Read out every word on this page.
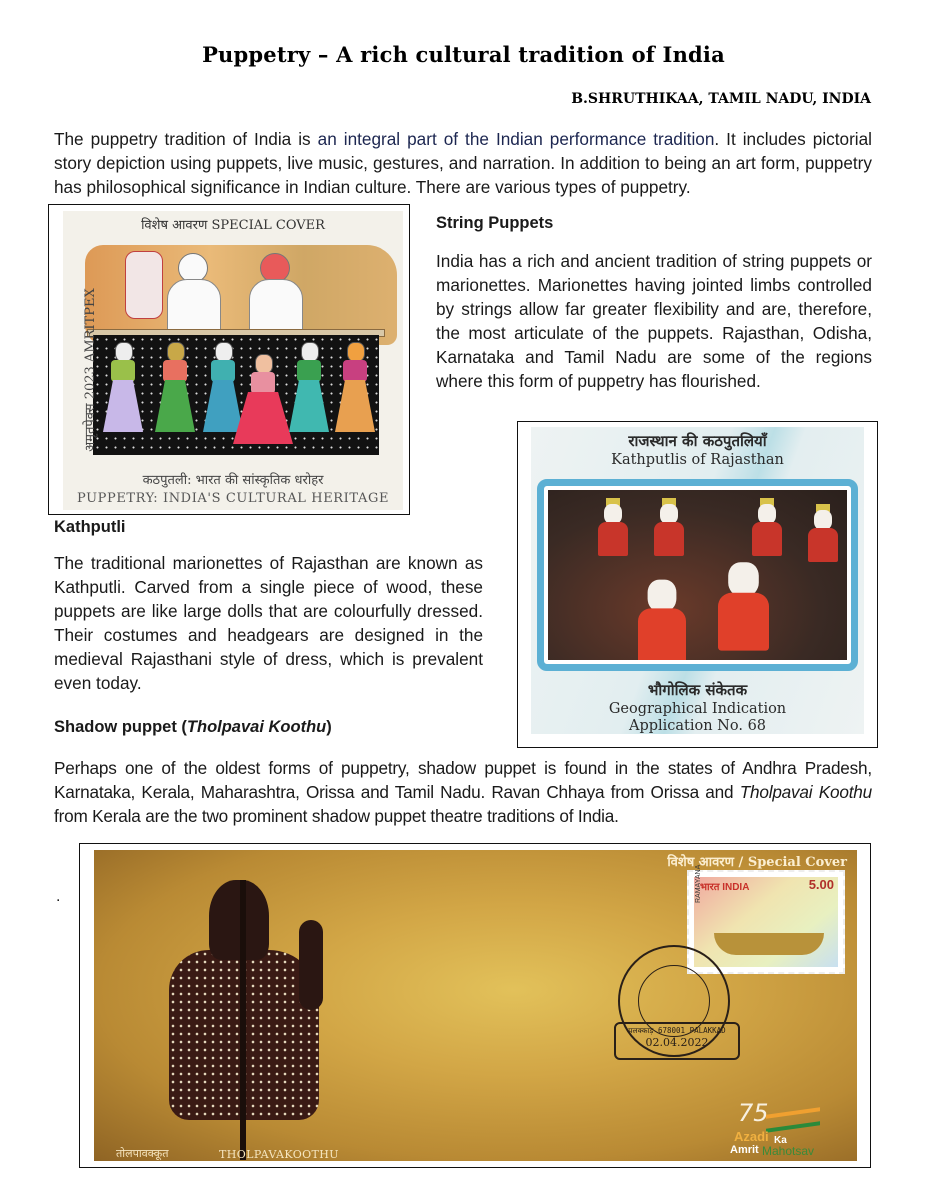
Puppetry – A rich cultural tradition of India
B.SHRUTHIKAA, TAMIL NADU, INDIA

The puppetry tradition of India is an integral part of the Indian performance tradition. It includes pictorial story depiction using puppets, live music, gestures, and narration. In addition to being an art form, puppetry has philosophical significance in Indian culture. There are various types of puppetry.

विशेष आवरण SPECIAL COVER
अमृतपेक्स 2023 AMRITPEX
कठपुतली: भारत की सांस्कृतिक धरोहर
PUPPETRY: INDIA'S CULTURAL HERITAGE

String Puppets

India has a rich and ancient tradition of string puppets or marionettes. Marionettes having jointed limbs controlled by strings allow far greater flexibility and are, therefore, the most articulate of the puppets. Rajasthan, Odisha, Karnataka and Tamil Nadu are some of the regions where this form of puppetry has flourished.

राजस्थान की कठपुतलियाँ
Kathputlis of Rajasthan
भौगोलिक संकेतक
Geographical Indication
Application No. 68

Kathputli

The traditional marionettes of Rajasthan are known as Kathputli. Carved from a single piece of wood, these puppets are like large dolls that are colourfully dressed. Their costumes and headgears are designed in the medieval Rajasthani style of dress, which is prevalent even today.

Shadow puppet (Tholpavai Koothu)

Perhaps one of the oldest forms of puppetry, shadow puppet is found in the states of Andhra Pradesh, Karnataka, Kerala, Maharashtra, Orissa and Tamil Nadu. Ravan Chhaya from Orissa and Tholpavai Koothu from Kerala are the two prominent shadow puppet theatre traditions of India.

.
विशेष आवरण / Special Cover
भारत INDIA	5.00
RAMAYANA
पलक्काड़ 678001 PALAKKAD
02.04.2022
तोलपावक्कूत	THOLPAVAKOOTHU
75
Azadi Ka
Amrit Mahotsav
